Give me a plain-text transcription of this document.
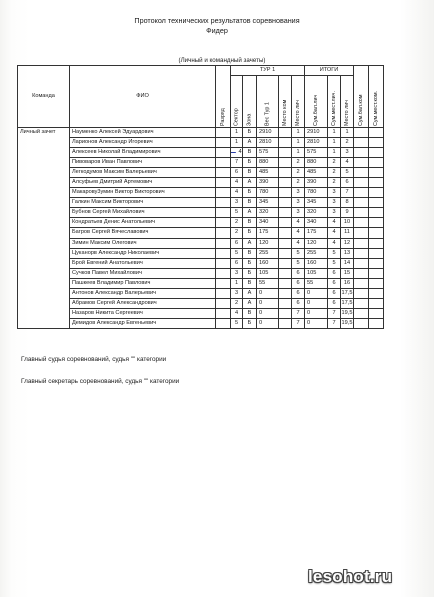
Протокол технических результатов соревнования
Фидер
(Личный и командный зачеты)
Команда	ФИО	Разряд	ТУР 1					ИТОГИ			Сум.бал.ком	Сум.мест.ком.
			Сектор	Зона	Вес Тур 1	Место ком	Место лич	Сум.бал.лич	Сум.мест.лич.	Место лич		
Личный зачет	Науменко Алексей Эдуардович		1	Б	2910		1	2910	1	1		
	Ларионов Александр Игоревич		1	А	2810		1	2810	1	2		
	Алексеев Николай Владимирович		4	В	575		1	575	1	3		
	Пивоваров Иван Павлович		7	Б	880		2	880	2	4		
	Легкодумов Максим Валерьевич		6	В	485		2	485	2	5		
	Алсуфьев Дмитрий Артемович		4	А	390		2	390	2	6		
	Макарову3умин Виктор Викторович		4	Б	780		3	780	3	7		
	Галкин Максим Викторович		3	В	345		3	345	3	8		
	Бубнов Сергей Михайлович		5	А	320		3	320	3	9		
	Кондратьев Денис Анатольевич		2	В	340		4	340	4	10		
	Багров Сергей Вячеславович		2	Б	175		4	175	4	11		
	Зимин Максим Олегович		6	А	120		4	120	4	12		
	Цуканорв Александр Николаевич		5	В	255		5	255	5	13		
	Брой Евгений Анатольевич		6	Б	160		5	160	5	14		
	Сучков Павел Михайлович		3	Б	105		6	105	6	15		
	Пашкеев Владимир Павлович		1	В	55		6	55	6	16		
	Антонов Александр Валерьевич		3	А	0		6	0	6	17,5		
	Абрамов Сергей Александрович		2	А	0		6	0	6	17,5		
	Назаров Никита Сергеевич		4	В	0		7	0	7	19,5		
	Демидов Александр Евгеньевич		5	Б	0		7	0	7	19,5		
Главный судья соревнований, судья "" категории
Главный секретарь соревнований, судья "" категории
lesohot.ru
